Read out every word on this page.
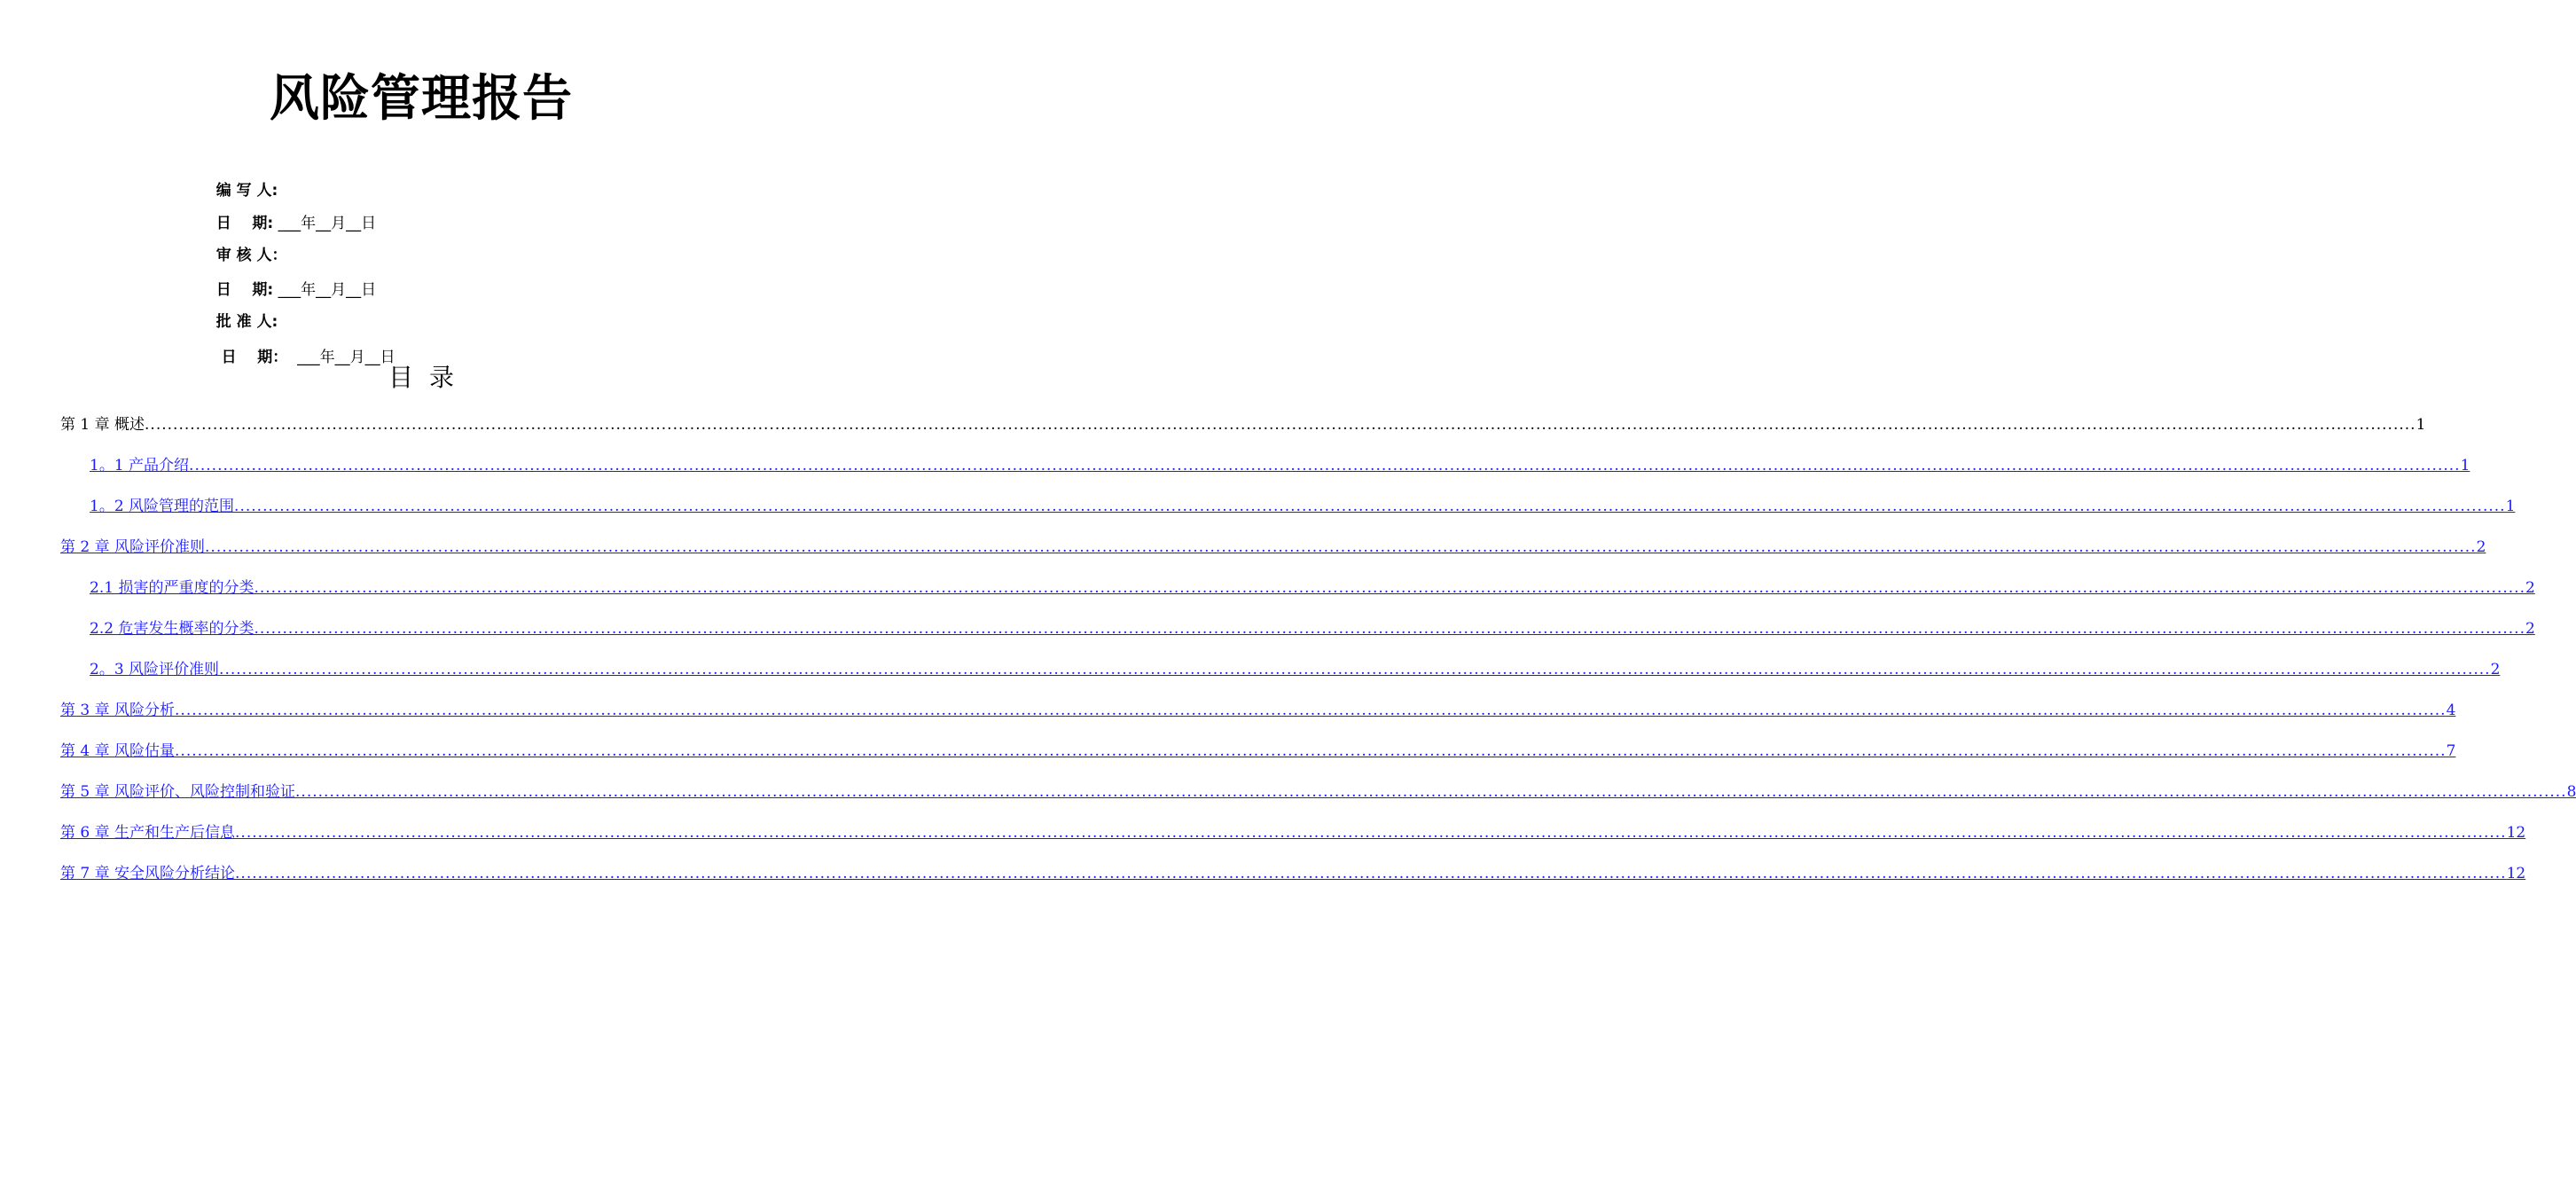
风险管理报告

编 写 人:

日    期: ___年__月__日

审 核 人：

日    期: ___年__月__日

批 准 人:

日    期：  ___年__月__日

目录
第 1 章 概述 ................................................................................................................................................................................................................................................................................................................................................................................................................ 1
1。1 产品介绍 ................................................................................................................................................................................................................................................................................................................................................................................................................ 1
1。2 风险管理的范围 ................................................................................................................................................................................................................................................................................................................................................................................................................ 1
第 2 章 风险评价准则 ................................................................................................................................................................................................................................................................................................................................................................................................................ 2
2.1 损害的严重度的分类 ................................................................................................................................................................................................................................................................................................................................................................................................................ 2
2.2 危害发生概率的分类 ................................................................................................................................................................................................................................................................................................................................................................................................................ 2
2。3 风险评价准则 ................................................................................................................................................................................................................................................................................................................................................................................................................ 2
第 3 章 风险分析 ................................................................................................................................................................................................................................................................................................................................................................................................................ 4
第 4 章 风险估量 ................................................................................................................................................................................................................................................................................................................................................................................................................ 7
第 5 章 风险评价、风险控制和验证 ................................................................................................................................................................................................................................................................................................................................................................................................................ 8
第 6 章 生产和生产后信息 ................................................................................................................................................................................................................................................................................................................................................................................................................ 12
第 7 章 安全风险分析结论 ................................................................................................................................................................................................................................................................................................................................................................................................................ 12
